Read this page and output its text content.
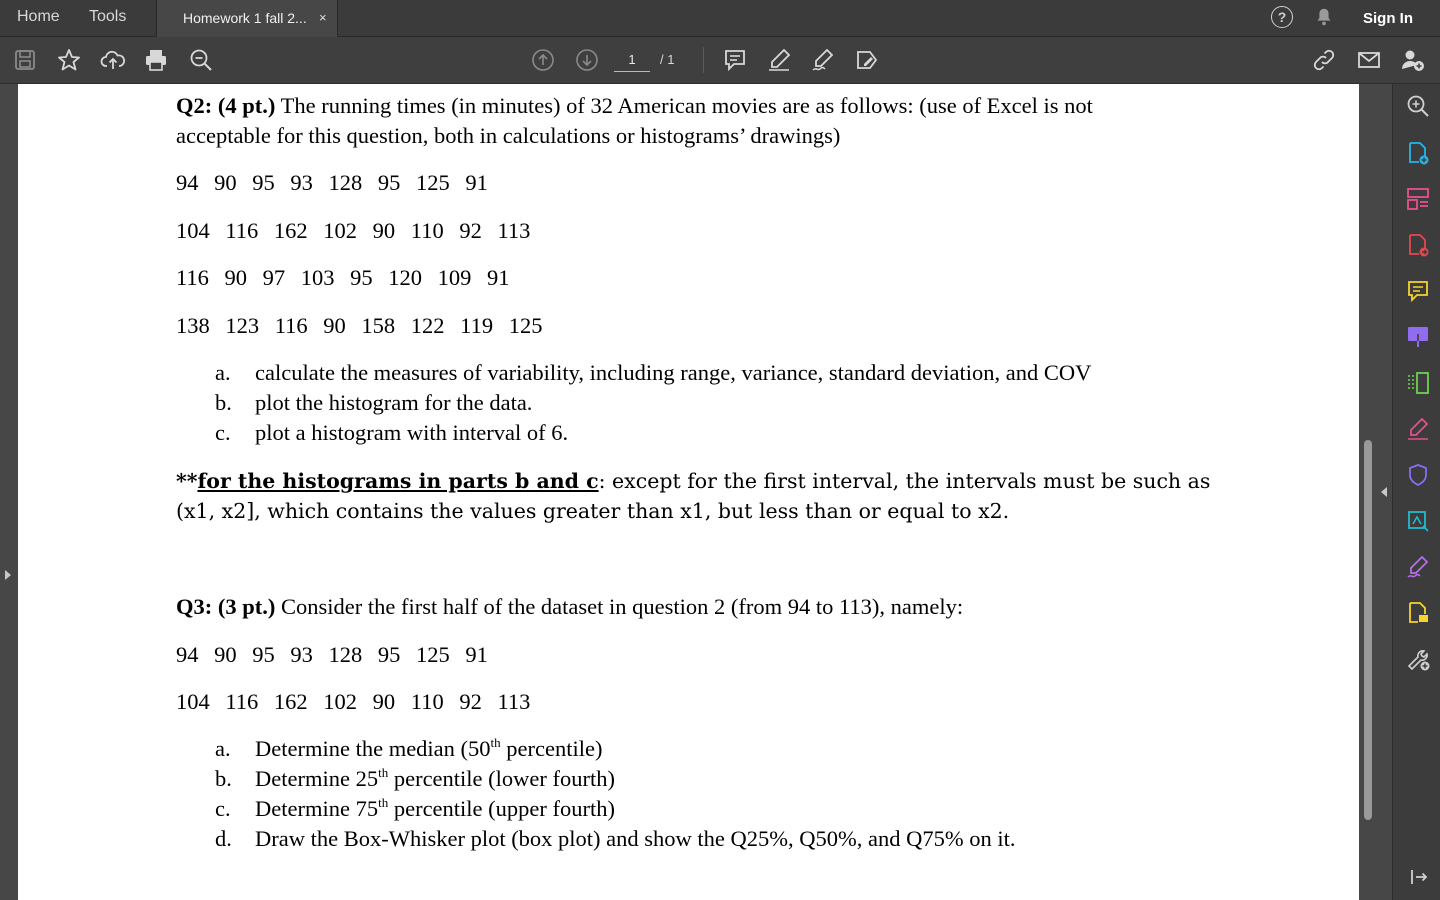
Home Tools	Homework 1 fall 2... ×	?	Sign In
1	/ 1
Q2: (4 pt.) The running times (in minutes) of 32 American movies are as follows: (use of Excel is not
acceptable for this question, both in calculations or histograms’ drawings)
94 90 95 93 128 95 125 91
104 116 162 102 90 110 92 113
116 90 97 103 95 120 109 91
138 123 116 90 158 122 119 125
a.	calculate the measures of variability, including range, variance, standard deviation, and COV
b.	plot the histogram for the data.
c.	plot a histogram with interval of 6.
**for the histograms in parts b and c: except for the first interval, the intervals must be such as
(x1, x2], which contains the values greater than x1, but less than or equal to x2.
Q3: (3 pt.) Consider the first half of the dataset in question 2 (from 94 to 113), namely:
94 90 95 93 128 95 125 91
104 116 162 102 90 110 92 113
a.	Determine the median (50th percentile)
b.	Determine 25th percentile (lower fourth)
c.	Determine 75th percentile (upper fourth)
d.	Draw the Box-Whisker plot (box plot) and show the Q25%, Q50%, and Q75% on it.
